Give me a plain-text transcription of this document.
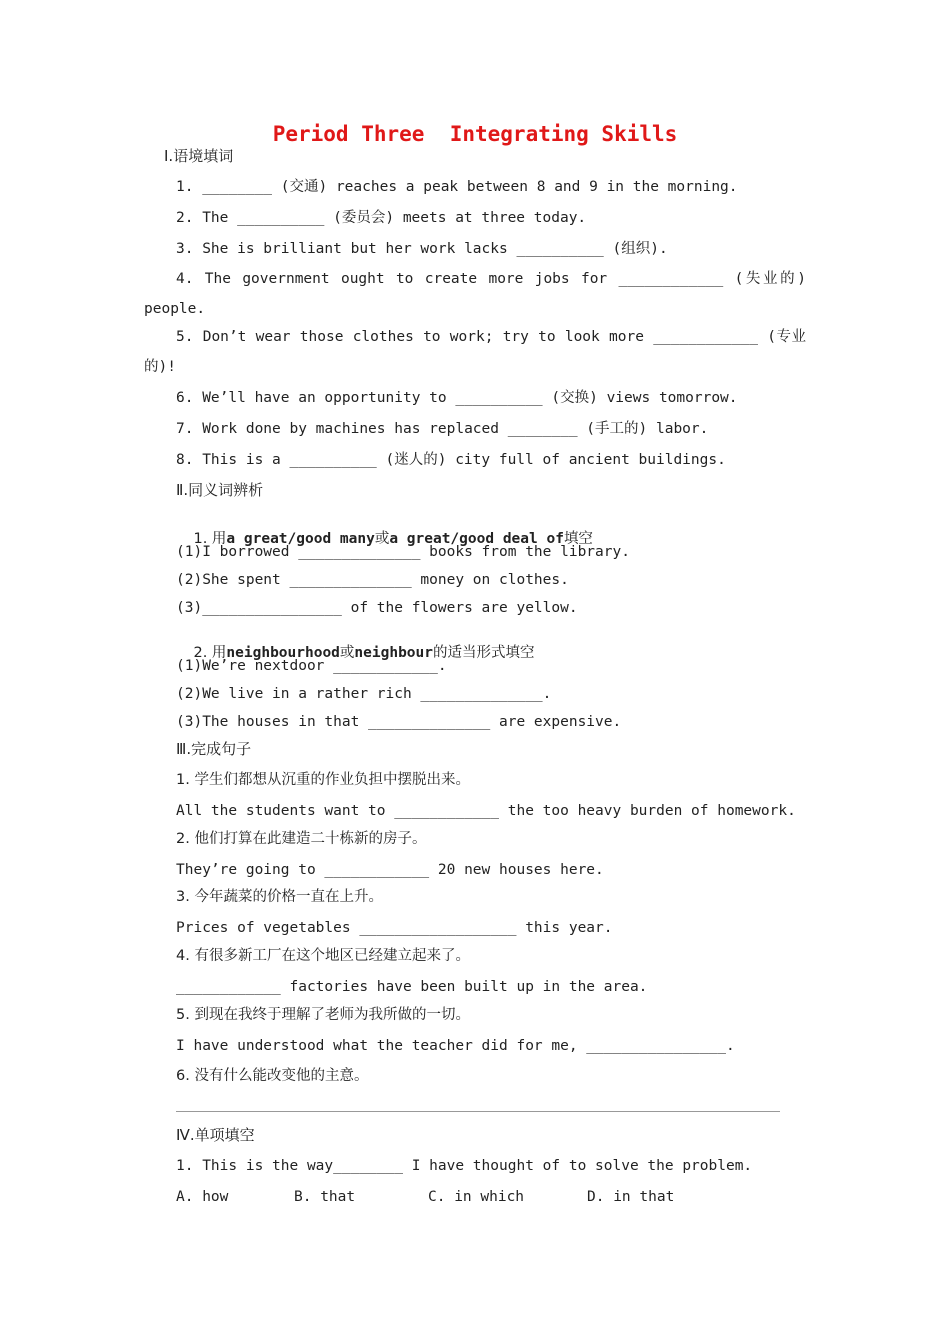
Period Three  Integrating Skills
Ⅰ.语境填词
1. ________ (交通) reaches a peak between 8 and 9 in the morning.
2. The __________ (委员会) meets at three today.
3. She is brilliant but her work lacks __________ (组织).
4. The government ought to create more jobs for ____________ (失业的)
people.
5. Don’t wear those clothes to work; try to look more ____________ (专业
的)!
6. We’ll have an opportunity to __________ (交换) views tomorrow.
7. Work done by machines has replaced ________ (手工的) labor.
8. This is a __________ (迷人的) city full of ancient buildings.
Ⅱ.同义词辨析

1. 用a great/good many或a great/good deal of填空

(1)I borrowed ______________ books from the library.
(2)She spent ______________ money on clothes.
(3)________________ of the flowers are yellow.

2. 用neighbourhood或neighbour的适当形式填空

(1)We’re nextdoor ____________.
(2)We live in a rather rich ______________.
(3)The houses in that ______________ are expensive.
Ⅲ.完成句子
1. 学生们都想从沉重的作业负担中摆脱出来。
All the students want to ____________ the too heavy burden of homework.
2. 他们打算在此建造二十栋新的房子。
They’re going to ____________ 20 new houses here.
3. 今年蔬菜的价格一直在上升。
Prices of vegetables __________________ this year.
4. 有很多新工厂在这个地区已经建立起来了。
____________ factories have been built up in the area.
5. 到现在我终于理解了老师为我所做的一切。
I have understood what the teacher did for me, ________________.
6. 没有什么能改变他的主意。
Ⅳ.单项填空
1. This is the way________ I have thought of to solve the problem.
A. how	B. that	C. in which	D. in that
